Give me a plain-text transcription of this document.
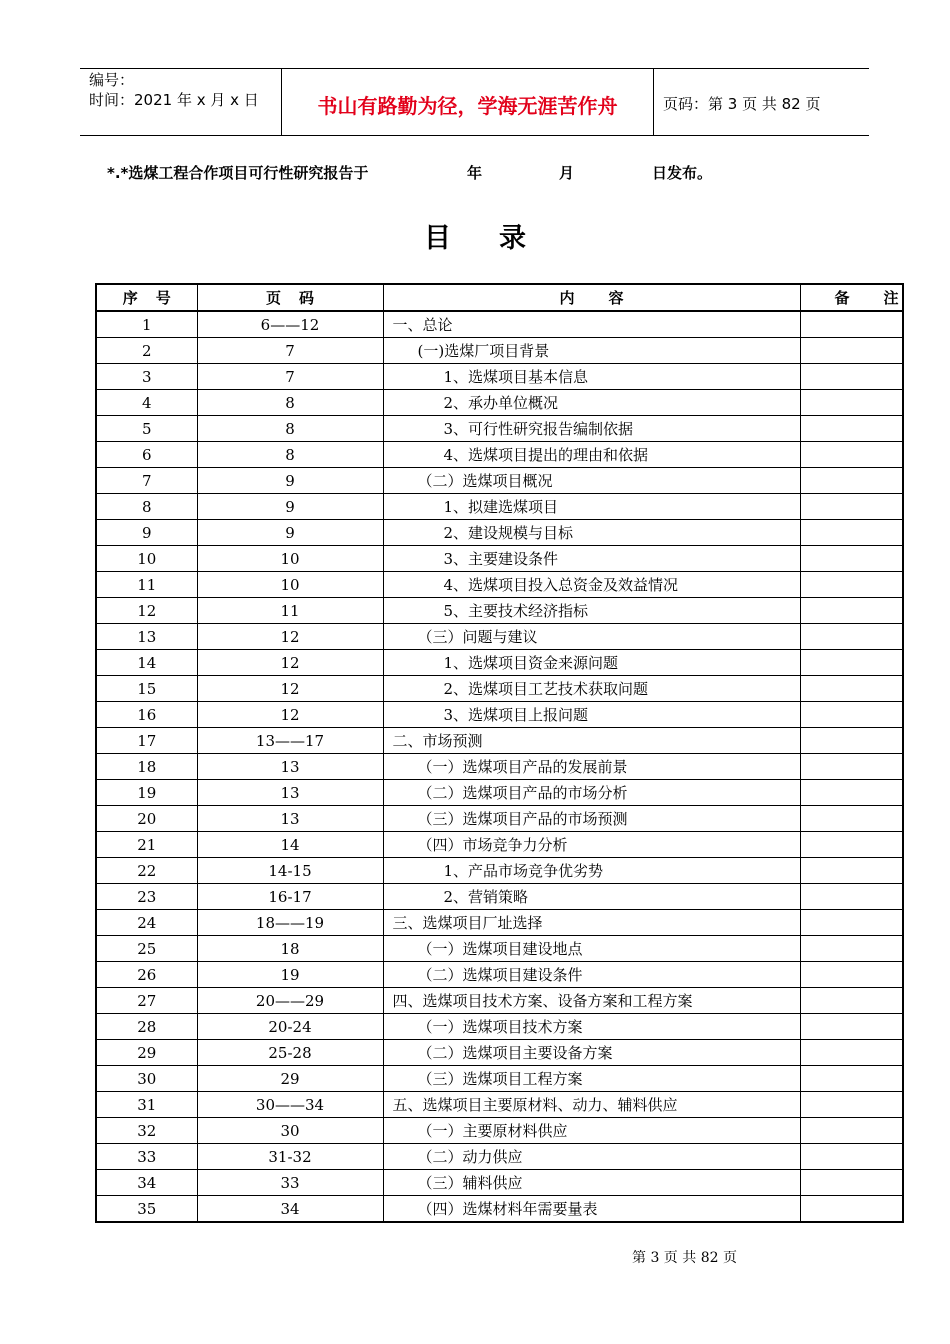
编号：
时间：2021 年 x 月 x 日	书山有路勤为径，学海无涯苦作舟	页码：第 3 页 共 82 页
*.*选煤工程合作项目可行性研究报告于	年	月	日发布。
目录
序号	页码	内容	备注
1	6——12	一、总论	
2	7	(一)选煤厂项目背景	
3	7	1、选煤项目基本信息	
4	8	2、承办单位概况	
5	8	3、可行性研究报告编制依据	
6	8	4、选煤项目提出的理由和依据	
7	9	（二）选煤项目概况	
8	9	1、拟建选煤项目	
9	9	2、建设规模与目标	
10	10	3、主要建设条件	
11	10	4、选煤项目投入总资金及效益情况	
12	11	5、主要技术经济指标	
13	12	（三）问题与建议	
14	12	1、选煤项目资金来源问题	
15	12	2、选煤项目工艺技术获取问题	
16	12	3、选煤项目上报问题	
17	13——17	二、市场预测	
18	13	（一）选煤项目产品的发展前景	
19	13	（二）选煤项目产品的市场分析	
20	13	（三）选煤项目产品的市场预测	
21	14	（四）市场竞争力分析	
22	14-15	1、产品市场竞争优劣势	
23	16-17	2、营销策略	
24	18——19	三、选煤项目厂址选择	
25	18	（一）选煤项目建设地点	
26	19	（二）选煤项目建设条件	
27	20——29	四、选煤项目技术方案、设备方案和工程方案	
28	20-24	（一）选煤项目技术方案	
29	25-28	（二）选煤项目主要设备方案	
30	29	（三）选煤项目工程方案	
31	30——34	五、选煤项目主要原材料、动力、辅料供应	
32	30	（一）主要原材料供应	
33	31-32	（二）动力供应	
34	33	（三）辅料供应	
35	34	（四）选煤材料年需要量表	
第 3 页 共 82 页
